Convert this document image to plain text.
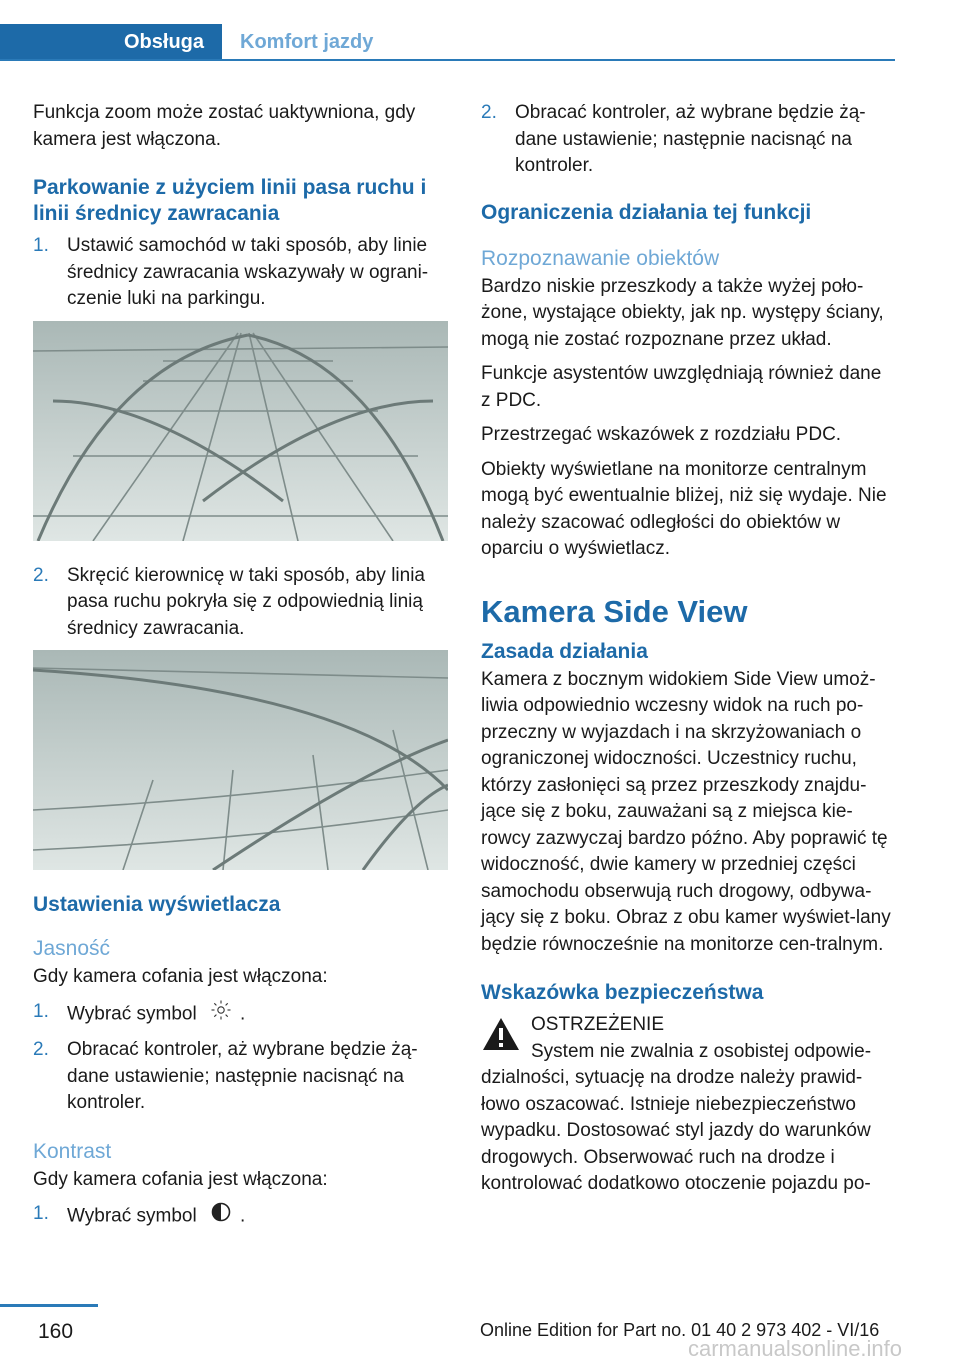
Obsługa	Komfort jazdy

Funkcja zoom może zostać uaktywniona, gdy kamera jest włączona.

Parkowanie z użyciem linii pasa ruchu i linii średnicy zawracania
1. Ustawić samochód w taki sposób, aby linie średnicy zawracania wskazywały w ograni‐czenie luki na parkingu.
2. Skręcić kierownicę w taki sposób, aby linia pasa ruchu pokryła się z odpowiednią linią średnicy zawracania.
Ustawienia wyświetlacza
Jasność

Gdy kamera cofania jest włączona:

1. Wybrać symbol .
2. Obracać kontroler, aż wybrane będzie żą‐dane ustawienie; następnie nacisnąć na kontroler.
Kontrast

Gdy kamera cofania jest włączona:

1. Wybrać symbol .
2. Obracać kontroler, aż wybrane będzie żą‐dane ustawienie; następnie nacisnąć na kontroler.
Ograniczenia działania tej funkcji
Rozpoznawanie obiektów

Bardzo niskie przeszkody a także wyżej poło‐żone, wystające obiekty, jak np. występy ściany, mogą nie zostać rozpoznane przez układ.

Funkcje asystentów uwzględniają również dane z PDC.

Przestrzegać wskazówek z rozdziału PDC.

Obiekty wyświetlane na monitorze centralnym mogą być ewentualnie bliżej, niż się wydaje. Nie należy szacować odległości do obiektów w oparciu o wyświetlacz.

Kamera Side View
Zasada działania

Kamera z bocznym widokiem Side View umoż‐liwia odpowiednio wczesny widok na ruch po‐przeczny w wyjazdach i na skrzyżowaniach o ograniczonej widoczności. Uczestnicy ruchu, którzy zasłonięci są przez przeszkody znajdu‐jące się z boku, zauważani są z miejsca kie‐rowcy zazwyczaj bardzo późno. Aby poprawić tę widoczność, dwie kamery w przedniej części samochodu obserwują ruch drogowy, odbywa‐jący się z boku. Obraz z obu kamer wyświet‐lany będzie równocześnie na monitorze cen‐tralnym.

Wskazówka bezpieczeństwa
OSTRZEŻENIE
System nie zwalnia z osobistej odpowie‐
dzialności, sytuację na drodze należy prawid‐łowo oszacować. Istnieje niebezpieczeństwo wypadku. Dostosować styl jazdy do warunków drogowych. Obserwować ruch na drodze i kontrolować dodatkowo otoczenie pojazdu po‐
160	Online Edition for Part no. 01 40 2 973 402 - VI/16
carmanualsonline.info
